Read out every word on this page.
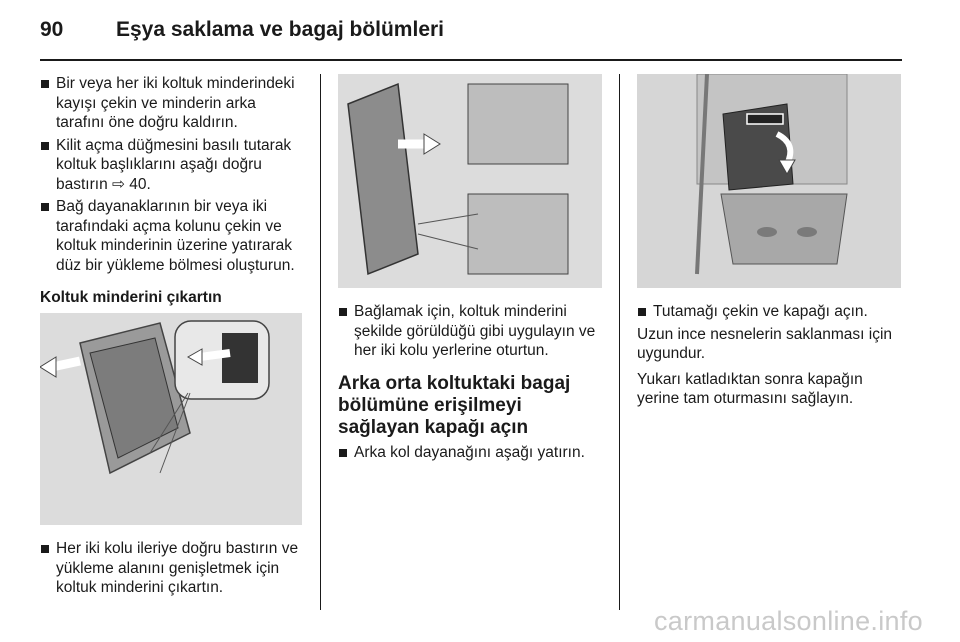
90	Eşya saklama ve bagaj bölümleri
Bir veya her iki koltuk minderindeki kayışı çekin ve minderin arka tarafını öne doğru kaldırın.
Kilit açma düğmesini basılı tutarak koltuk başlıklarını aşağı doğru bastırın ⇨ 40.
Bağ dayanaklarının bir veya iki tarafındaki açma kolunu çekin ve koltuk minderinin üzerine yatırarak düz bir yükleme bölmesi oluşturun.
Koltuk minderini çıkartın
Her iki kolu ileriye doğru bastırın ve yükleme alanını genişletmek için koltuk minderini çıkartın.
Bağlamak için, koltuk minderini şekilde görüldüğü gibi uygulayın ve her iki kolu yerlerine oturtun.
Arka orta koltuktaki bagaj bölümüne erişilmeyi sağlayan kapağı açın
Arka kol dayanağını aşağı yatırın.
Tutamağı çekin ve kapağı açın.

Uzun ince nesnelerin saklanması için uygundur.

Yukarı katladıktan sonra kapağın yerine tam oturmasını sağlayın.

carmanualsonline.info
